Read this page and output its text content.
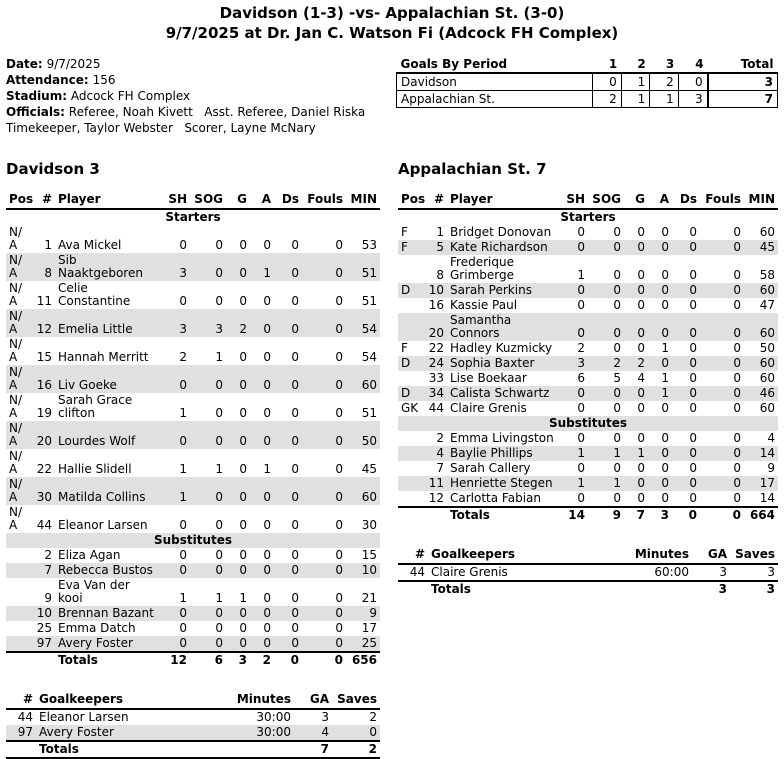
Davidson (1-3) -vs- Appalachian St. (3-0)
9/7/2025 at Dr. Jan C. Watson Fi (Adcock FH Complex)
Date: 9/7/2025
Attendance: 156
Stadium: Adcock FH Complex
Officials: Referee, Noah Kivett   Asst. Referee, Daniel Riska   Timekeeper, Taylor Webster   Scorer, Layne McNary
Goals By Period	1	2	3	4	Total
Davidson	0	1	2	0	3
Appalachian St.	2	1	1	3	7
Davidson 3
Pos	#	Player	SH	SOG	G	A	Ds	Fouls	MIN
Starters									
N/A	1	Ava Mickel	0	0	0	0	0	0	53
N/A	8	Sib Naaktgeboren	3	0	0	1	0	0	51
N/A	11	Celie Constantine	0	0	0	0	0	0	51
N/A	12	Emelia Little	3	3	2	0	0	0	54
N/A	15	Hannah Merritt	2	1	0	0	0	0	54
N/A	16	Liv Goeke	0	0	0	0	0	0	60
N/A	19	Sarah Grace clifton	1	0	0	0	0	0	51
N/A	20	Lourdes Wolf	0	0	0	0	0	0	50
N/A	22	Hallie Slidell	1	1	0	1	0	0	45
N/A	30	Matilda Collins	1	0	0	0	0	0	60
N/A	44	Eleanor Larsen	0	0	0	0	0	0	30
Substitutes									
	2	Eliza Agan	0	0	0	0	0	0	15
	7	Rebecca Bustos	0	0	0	0	0	0	10
	9	Eva Van der kooi	1	1	1	0	0	0	21
	10	Brennan Bazant	0	0	0	0	0	0	9
	25	Emma Datch	0	0	0	0	0	0	17
	97	Avery Foster	0	0	0	0	0	0	25
		Totals	12	6	3	2	0	0	656
#	Goalkeepers	Minutes	GA	Saves
44	Eleanor Larsen	30:00	3	2
97	Avery Foster	30:00	4	0
	Totals		7	2
Appalachian St. 7
Pos	#	Player	SH	SOG	G	A	Ds	Fouls	MIN
Starters									
F	1	Bridget Donovan	0	0	0	0	0	0	60
F	5	Kate Richardson	0	0	0	0	0	0	45
	8	Frederique Grimberge	1	0	0	0	0	0	58
D	10	Sarah Perkins	0	0	0	0	0	0	60
	16	Kassie Paul	0	0	0	0	0	0	47
	20	Samantha Connors	0	0	0	0	0	0	60
F	22	Hadley Kuzmicky	2	0	0	1	0	0	50
D	24	Sophia Baxter	3	2	2	0	0	0	60
	33	Lise Boekaar	6	5	4	1	0	0	60
D	34	Calista Schwartz	0	0	0	1	0	0	46
GK	44	Claire Grenis	0	0	0	0	0	0	60
Substitutes									
	2	Emma Livingston	0	0	0	0	0	0	4
	4	Baylie Phillips	1	1	1	0	0	0	14
	7	Sarah Callery	0	0	0	0	0	0	9
	11	Henriette Stegen	1	1	0	0	0	0	17
	12	Carlotta Fabian	0	0	0	0	0	0	14
		Totals	14	9	7	3	0	0	664
#	Goalkeepers	Minutes	GA	Saves
44	Claire Grenis	60:00	3	3
	Totals		3	3
